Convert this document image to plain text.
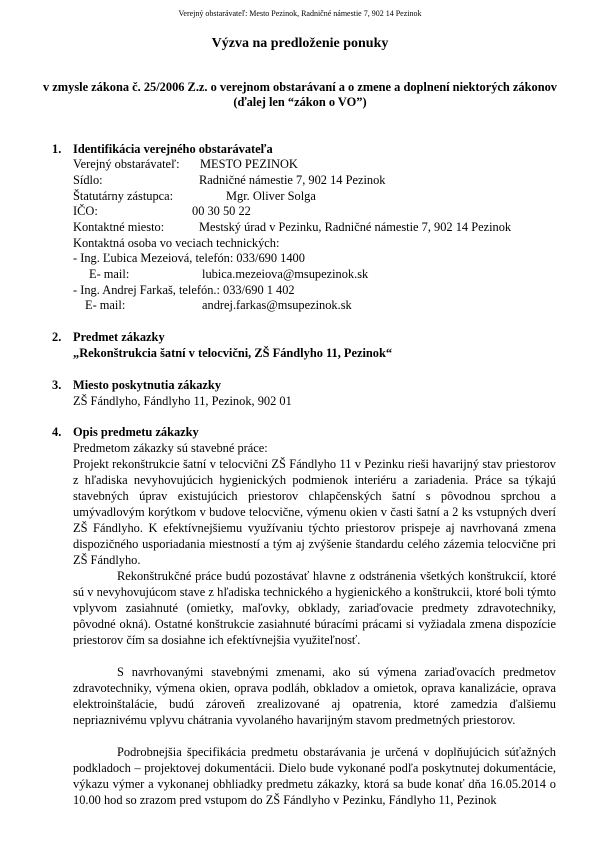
Verejný obstarávateľ: Mesto Pezinok, Radničné námestie 7, 902 14 Pezinok
Výzva na predloženie ponuky
v zmysle zákona č. 25/2006 Z.z. o verejnom obstarávaní a o zmene a doplnení niektorých zákonov (ďalej len “zákon o VO”)
1. Identifikácia verejného obstarávateľa
Verejný obstarávateľ: MESTO PEZINOK
Sídlo:	Radničné námestie 7, 902 14 Pezinok
Štatutárny zástupca:	Mgr. Oliver Solga
IČO:	00 30 50 22
Kontaktné miesto:	Mestský úrad v Pezinku, Radničné námestie 7, 902 14 Pezinok
Kontaktná osoba vo veciach technických:
- Ing. Ľubica Mezeiová, telefón: 033/690 1400
E- mail:	lubica.mezeiova@msupezinok.sk
- Ing. Andrej Farkaš, telefón.: 033/690 1 402
E- mail:	andrej.farkas@msupezinok.sk
2. Predmet zákazky
„Rekonštrukcia šatní v telocvični, ZŠ Fándlyho 11, Pezinok“
3. Miesto poskytnutia zákazky
ZŠ Fándlyho, Fándlyho 11, Pezinok, 902 01
4. Opis predmetu zákazky
Predmetom zákazky sú stavebné práce:

Projekt rekonštrukcie šatní v telocvični ZŠ Fándlyho 11 v Pezinku rieši havarijný stav priestorov z hľadiska nevyhovujúcich hygienických podmienok interiéru a zariadenia. Práce sa týkajú stavebných úprav existujúcich priestorov chlapčenských šatní s pôvodnou sprchou a umývadlovým korýtkom v budove telocvične, výmenu okien v časti šatní a 2 ks vstupných dverí ZŠ Fándlyho. K efektívnejšiemu využívaniu týchto priestorov prispeje aj navrhovaná zmena dispozičného usporiadania miestností a tým aj zvýšenie štandardu celého zázemia telocvične pri ZŠ Fándlyho.

Rekonštrukčné práce budú pozostávať hlavne z odstránenia všetkých konštrukcií, ktoré sú v nevyhovujúcom stave z hľadiska technického a hygienického a konštrukcii, ktoré boli týmto vplyvom zasiahnuté (omietky, maľovky, obklady, zariaďovacie predmety zdravotechniky, pôvodné okná). Ostatné konštrukcie zasiahnuté búracími prácami si vyžiadala zmena dispozície priestorov čím sa dosiahne ich efektívnejšia využiteľnosť.

S navrhovanými stavebnými zmenami, ako sú výmena zariaďovacích predmetov zdravotechniky, výmena okien, oprava podláh, obkladov a omietok, oprava kanalizácie, oprava elektroinštalácie, budú zároveň zrealizované aj opatrenia, ktoré zamedzia ďalšiemu nepriaznivému vplyvu chátrania vyvolaného havarijným stavom predmetných priestorov.

Podrobnejšia špecifikácia predmetu obstarávania je určená v doplňujúcich súťažných podkladoch – projektovej dokumentácii. Dielo bude vykonané podľa poskytnutej dokumentácie, výkazu výmer a vykonanej obhliadky predmetu zákazky, ktorá sa bude konať dňa 16.05.2014 o 10.00 hod so zrazom pred vstupom do ZŠ Fándlyho v Pezinku, Fándlyho 11, Pezinok
